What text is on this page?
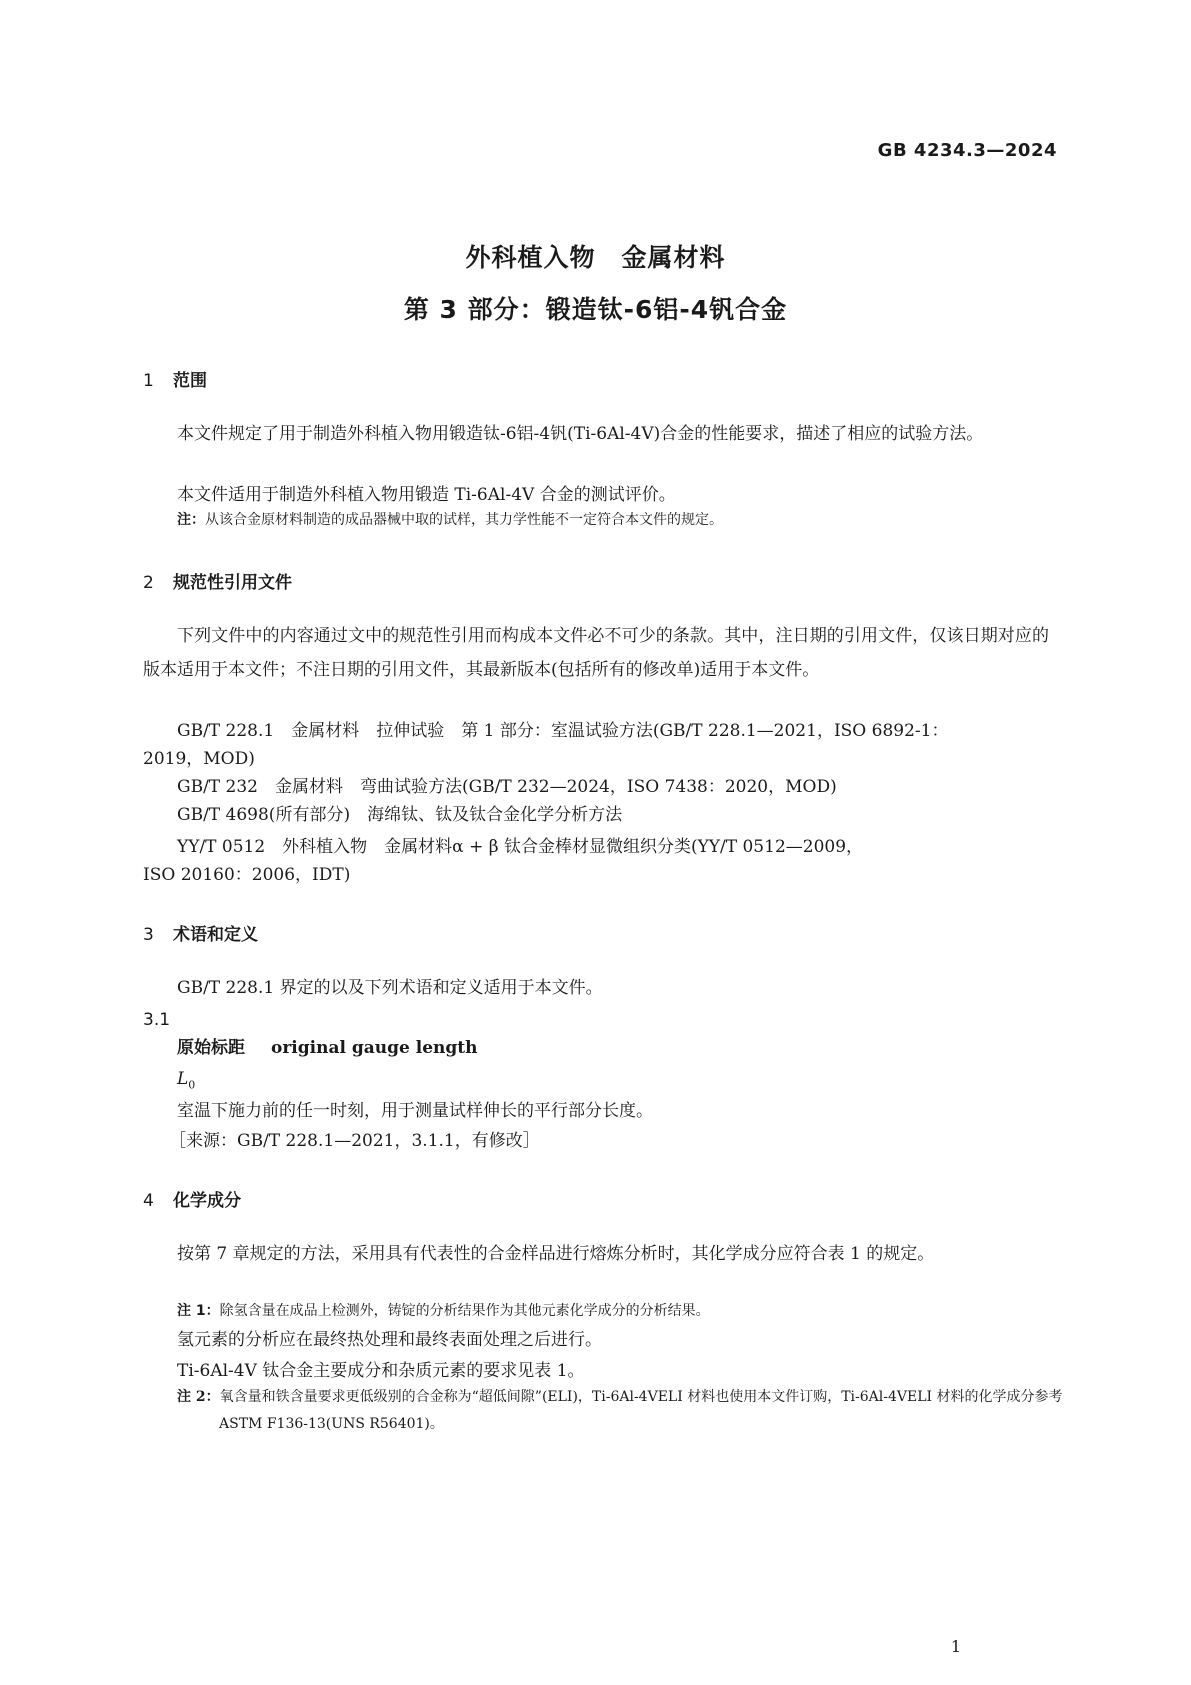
GB 4234.3—2024
外科植入物　金属材料
第 3 部分：锻造钛-6铝-4钒合金
1 范围
本文件规定了用于制造外科植入物用锻造钛-6铝-4钒(Ti-6Al-4V)合金的性能要求，描述了相应的试验方法。
本文件适用于制造外科植入物用锻造 Ti-6Al-4V 合金的测试评价。
注：从该合金原材料制造的成品器械中取的试样，其力学性能不一定符合本文件的规定。
2 规范性引用文件
下列文件中的内容通过文中的规范性引用而构成本文件必不可少的条款。其中，注日期的引用文件，仅该日期对应的版本适用于本文件；不注日期的引用文件，其最新版本(包括所有的修改单)适用于本文件。
GB/T 228.1　金属材料　拉伸试验　第 1 部分：室温试验方法(GB/T 228.1—2021，ISO 6892-1：
2019，MOD)
GB/T 232　金属材料　弯曲试验方法(GB/T 232—2024，ISO 7438：2020，MOD)
GB/T 4698(所有部分)　海绵钛、钛及钛合金化学分析方法
YY/T 0512　外科植入物　金属材料α + β 钛合金棒材显微组织分类(YY/T 0512—2009，
ISO 20160：2006，IDT)
3 术语和定义
GB/T 228.1 界定的以及下列术语和定义适用于本文件。
3.1
原始标距 original gauge length
$L_0$
室温下施力前的任一时刻，用于测量试样伸长的平行部分长度。
［来源：GB/T 228.1—2021，3.1.1，有修改］
4 化学成分
按第 7 章规定的方法，采用具有代表性的合金样品进行熔炼分析时，其化学成分应符合表 1 的规定。
注 1：除氢含量在成品上检测外，铸锭的分析结果作为其他元素化学成分的分析结果。
氢元素的分析应在最终热处理和最终表面处理之后进行。
Ti-6Al-4V 钛合金主要成分和杂质元素的要求见表 1。
注 2：氧含量和铁含量要求更低级别的合金称为“超低间隙”(ELI)，Ti-6Al-4VELI 材料也使用本文件订购，Ti-6Al-4VELI 材料的化学成分参考 ASTM F136-13(UNS R56401)。
1
